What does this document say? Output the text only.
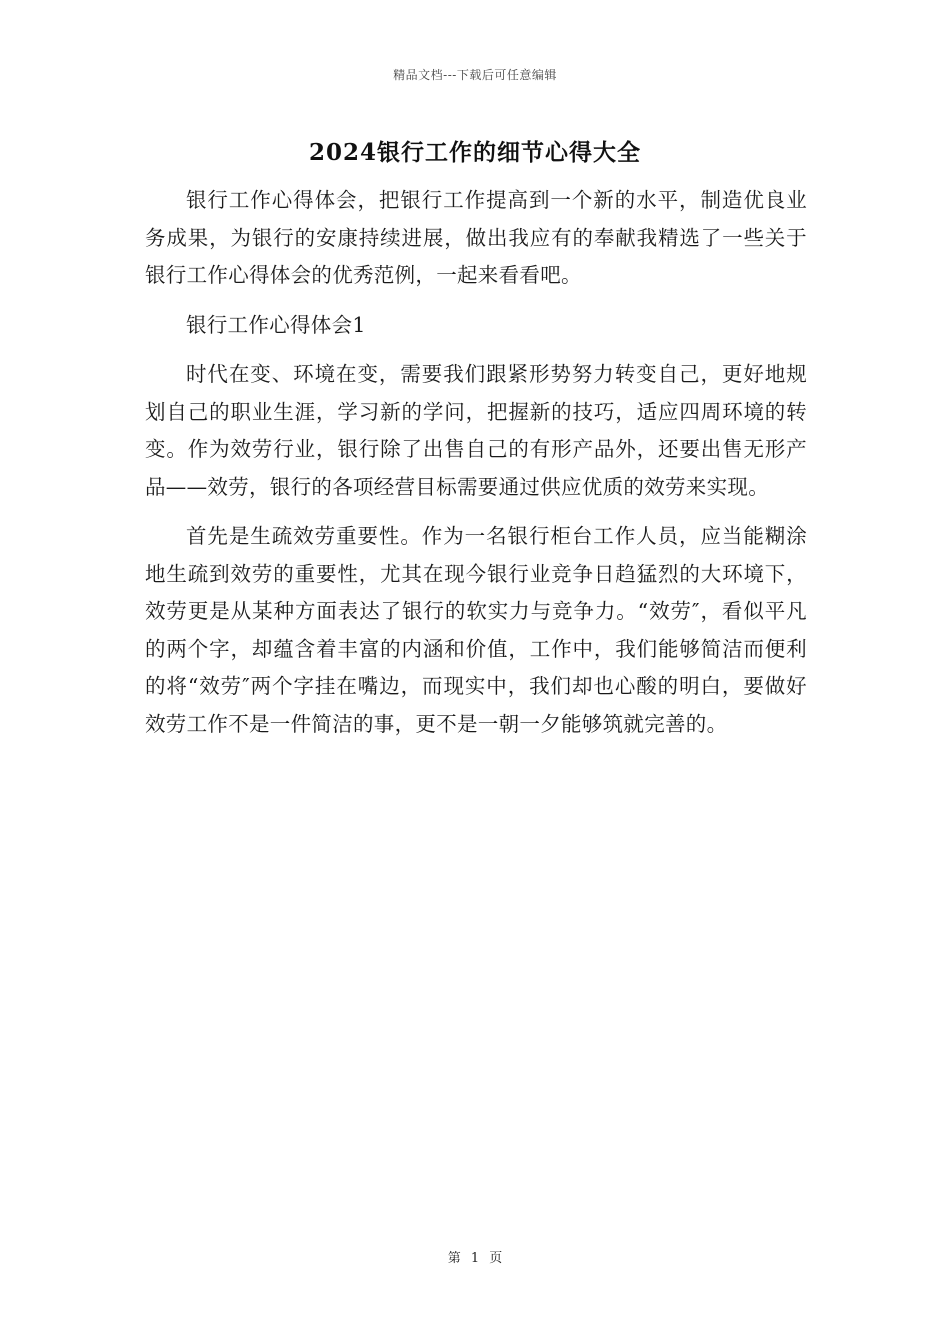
精品文档---下载后可任意编辑
2024银行工作的细节心得大全

银行工作心得体会，把银行工作提高到一个新的水平，制造优良业务成果，为银行的安康持续进展，做出我应有的奉献我精选了一些关于银行工作心得体会的优秀范例，一起来看看吧。

银行工作心得体会1

时代在变、环境在变，需要我们跟紧形势努力转变自己，更好地规划自己的职业生涯，学习新的学问，把握新的技巧，适应四周环境的转变。作为效劳行业，银行除了出售自己的有形产品外，还要出售无形产品——效劳，银行的各项经营目标需要通过供应优质的效劳来实现。

首先是生疏效劳重要性。作为一名银行柜台工作人员，应当能糊涂地生疏到效劳的重要性，尤其在现今银行业竞争日趋猛烈的大环境下，效劳更是从某种方面表达了银行的软实力与竞争力。“效劳″，看似平凡的两个字，却蕴含着丰富的内涵和价值，工作中，我们能够简洁而便利的将“效劳″两个字挂在嘴边，而现实中，我们却也心酸的明白，要做好效劳工作不是一件简洁的事，更不是一朝一夕能够筑就完善的。

第 1 页
